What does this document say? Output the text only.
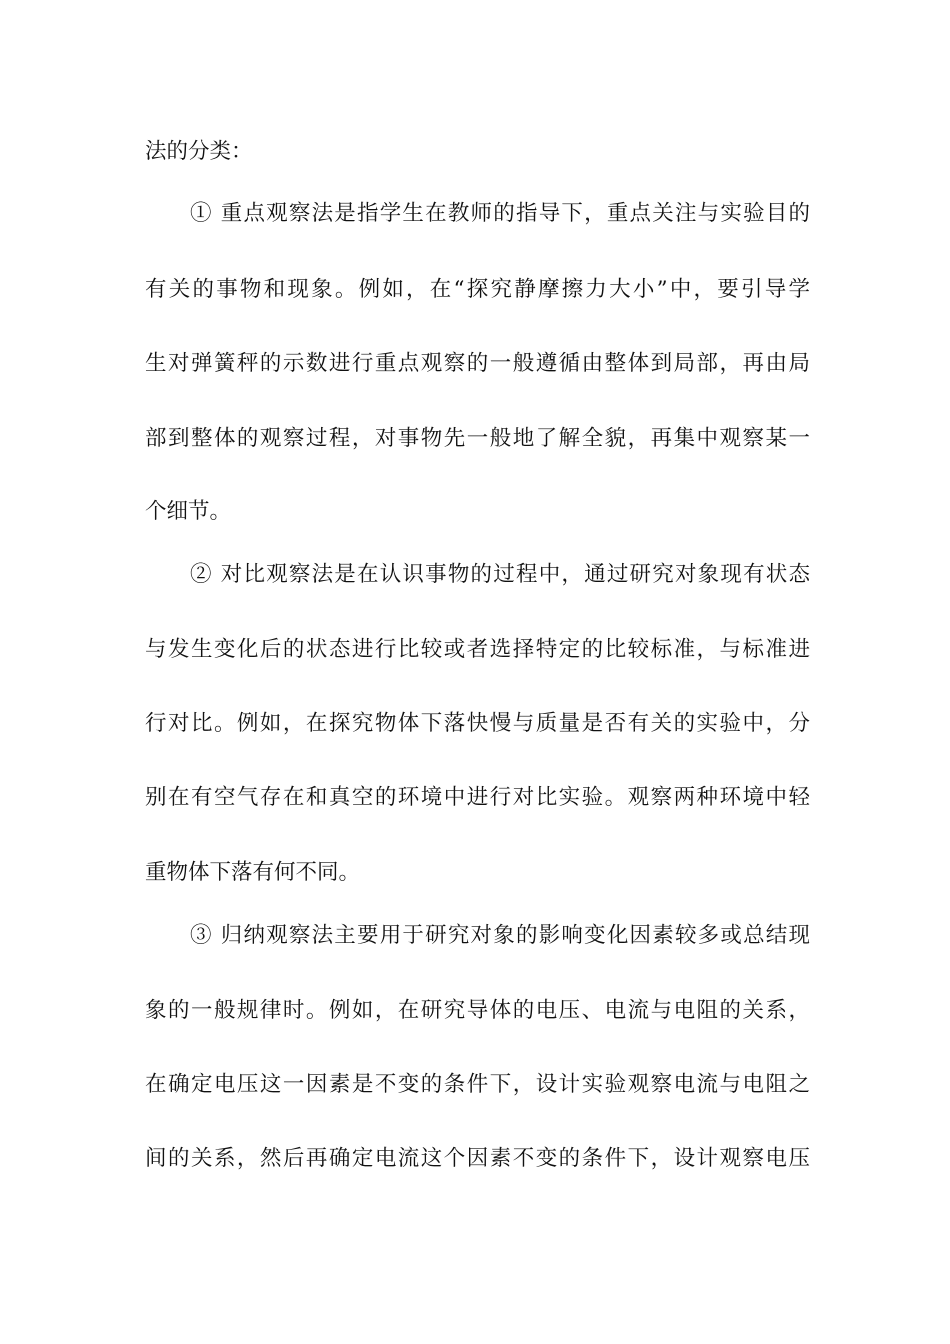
法的分类：
① 重点观察法是指学生在教师的指导下，重点关注与实验目的
有关的事物和现象。例如，在“探究静摩擦力大小”中，要引导学
生对弹簧秤的示数进行重点观察的一般遵循由整体到局部，再由局
部到整体的观察过程，对事物先一般地了解全貌，再集中观察某一
个细节。
② 对比观察法是在认识事物的过程中，通过研究对象现有状态
与发生变化后的状态进行比较或者选择特定的比较标准，与标准进
行对比。例如，在探究物体下落快慢与质量是否有关的实验中，分
别在有空气存在和真空的环境中进行对比实验。观察两种环境中轻
重物体下落有何不同。
③ 归纳观察法主要用于研究对象的影响变化因素较多或总结现
象的一般规律时。例如，在研究导体的电压、电流与电阻的关系，
在确定电压这一因素是不变的条件下，设计实验观察电流与电阻之
间的关系，然后再确定电流这个因素不变的条件下，设计观察电压
